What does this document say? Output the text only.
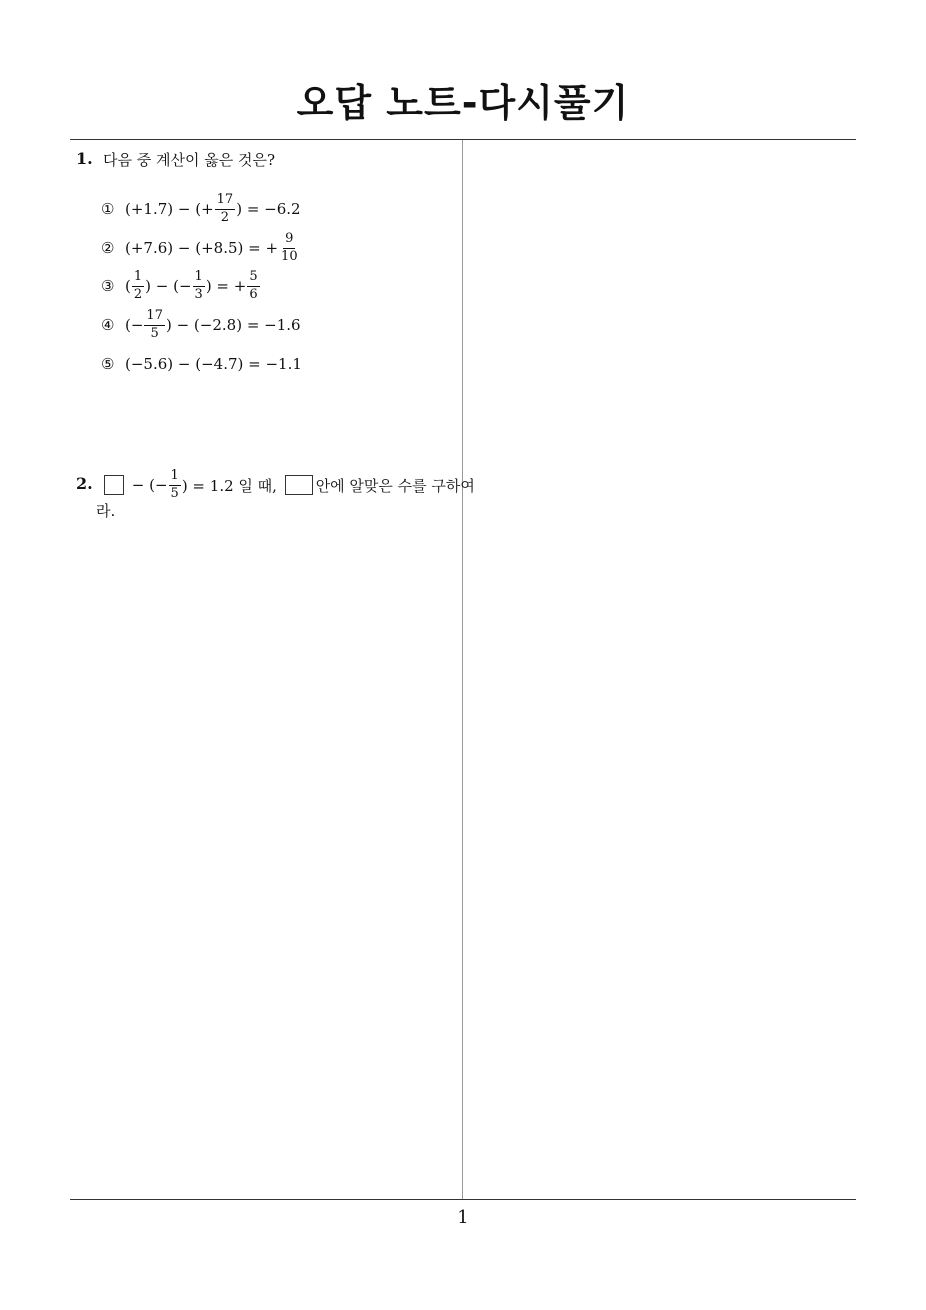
오답 노트-다시풀기
1
1. 다음 중 계산이 옳은 것은?
① (+1.7) − (+ $\frac{17}{2}$ ) = −6.2
② (+7.6) − (+8.5) = + $\frac{9}{10}$
③ ( $\frac{1}{2}$ ) − (− $\frac{1}{3}$ ) = + $\frac{5}{6}$
④ (− $\frac{17}{5}$ ) − (−2.8) = −1.6
⑤ (−5.6) − (−4.7) = −1.1
2. − (− $\frac{1}{5}$ ) = 1.2 일 때, 안에 알맞은 수를 구하여
라.
